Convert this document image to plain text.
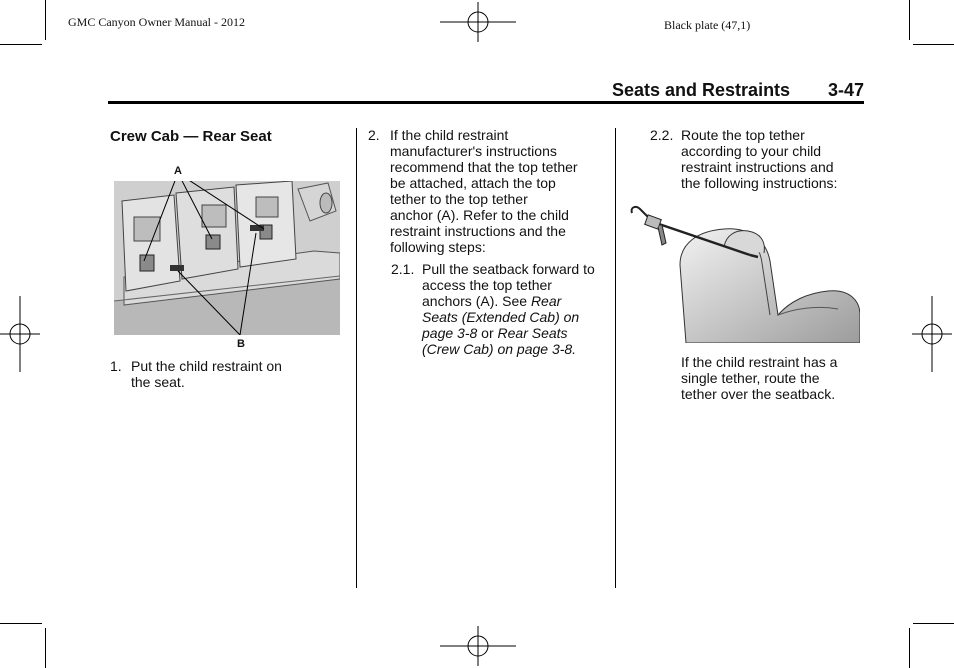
GMC Canyon Owner Manual - 2012	Black plate (47,1)
Seats and Restraints 3-47
Crew Cab — Rear Seat
A
B
1. Put the child restraint on
the seat.
2. If the child restraint
manufacturer's instructions
recommend that the top tether
be attached, attach the top
tether to the top tether
anchor (A). Refer to the child
restraint instructions and the
following steps:
2.1. Pull the seatback forward to
access the top tether
anchors (A). See Rear
Seats (Extended Cab) on
page 3-8 or Rear Seats
(Crew Cab) on page 3-8.
2.2. Route the top tether
according to your child
restraint instructions and
the following instructions:
If the child restraint has a
single tether, route the
tether over the seatback.
